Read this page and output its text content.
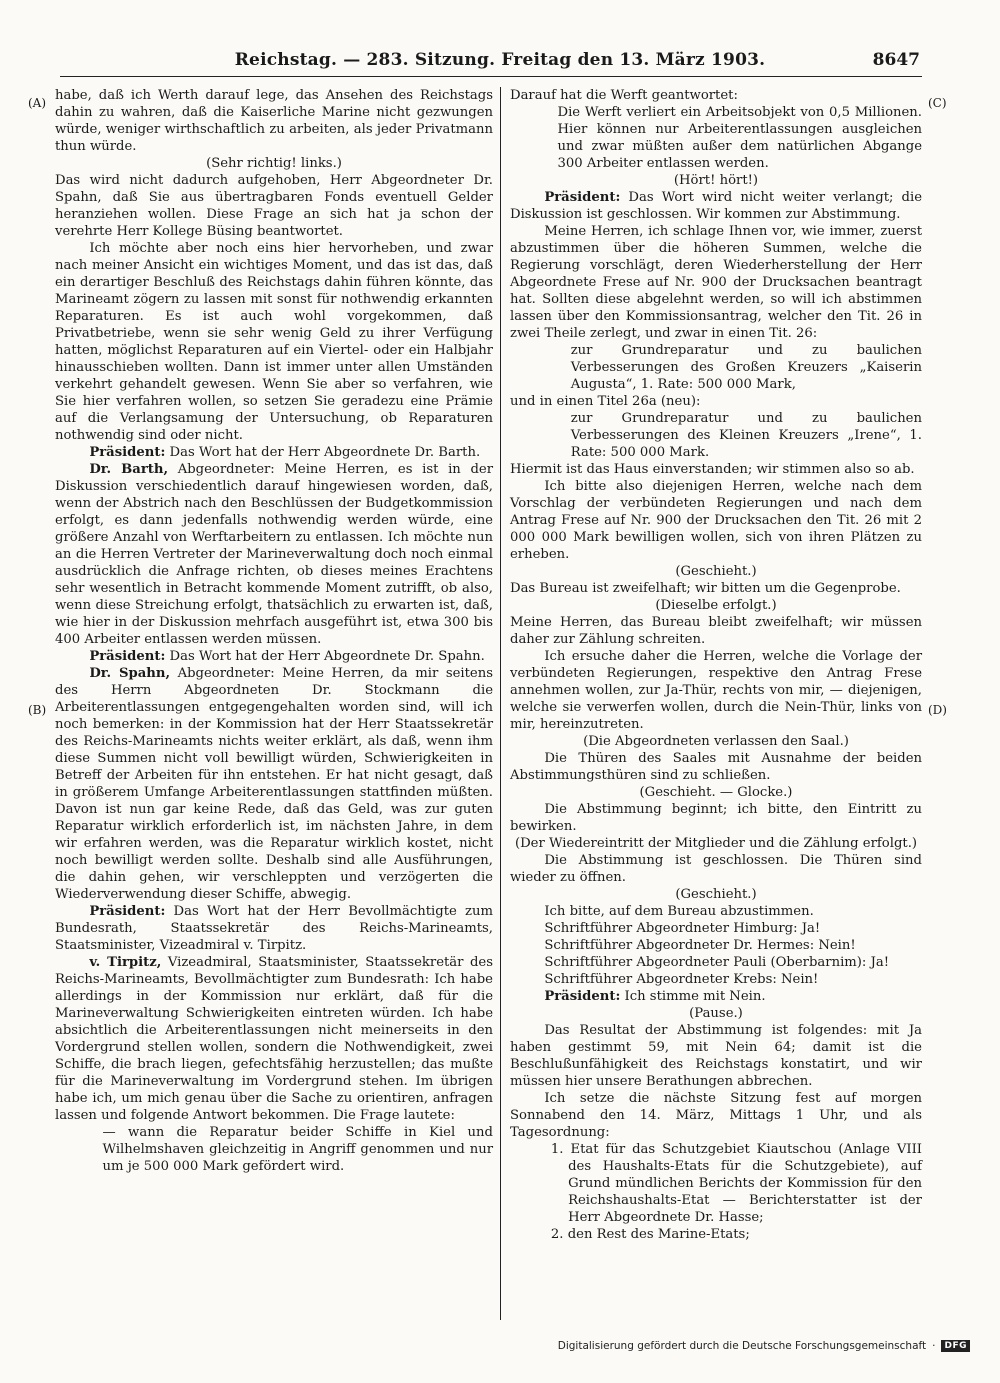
Reichstag. — 283. Sitzung. Freitag den 13. März 1903.	8647
(A)
(B)
(C)
(D)

habe, daß ich Werth darauf lege, das Ansehen des Reichstags dahin zu wahren, daß die Kaiserliche Marine nicht gezwungen würde, weniger wirthschaftlich zu arbeiten, als jeder Privatmann thun würde.

(Sehr richtig! links.)

Das wird nicht dadurch aufgehoben, Herr Abgeordneter Dr. Spahn, daß Sie aus übertragbaren Fonds eventuell Gelder heranziehen wollen. Diese Frage an sich hat ja schon der verehrte Herr Kollege Büsing beantwortet.

Ich möchte aber noch eins hier hervorheben, und zwar nach meiner Ansicht ein wichtiges Moment, und das ist das, daß ein derartiger Beschluß des Reichstags dahin führen könnte, das Marineamt zögern zu lassen mit sonst für nothwendig erkannten Reparaturen. Es ist auch wohl vorgekommen, daß Privatbetriebe, wenn sie sehr wenig Geld zu ihrer Verfügung hatten, möglichst Reparaturen auf ein Viertel- oder ein Halbjahr hinausschieben wollten. Dann ist immer unter allen Umständen verkehrt gehandelt gewesen. Wenn Sie aber so verfahren, wie Sie hier verfahren wollen, so setzen Sie geradezu eine Prämie auf die Verlangsamung der Untersuchung, ob Reparaturen nothwendig sind oder nicht.

Präsident: Das Wort hat der Herr Abgeordnete Dr. Barth.

Dr. Barth, Abgeordneter: Meine Herren, es ist in der Diskussion verschiedentlich darauf hingewiesen worden, daß, wenn der Abstrich nach den Beschlüssen der Budgetkommission erfolgt, es dann jedenfalls nothwendig werden würde, eine größere Anzahl von Werftarbeitern zu entlassen. Ich möchte nun an die Herren Vertreter der Marineverwaltung doch noch einmal ausdrücklich die Anfrage richten, ob dieses meines Erachtens sehr wesentlich in Betracht kommende Moment zutrifft, ob also, wenn diese Streichung erfolgt, thatsächlich zu erwarten ist, daß, wie hier in der Diskussion mehrfach ausgeführt ist, etwa 300 bis 400 Arbeiter entlassen werden müssen.

Präsident: Das Wort hat der Herr Abgeordnete Dr. Spahn.

Dr. Spahn, Abgeordneter: Meine Herren, da mir seitens des Herrn Abgeordneten Dr. Stockmann die Arbeiterentlassungen entgegengehalten worden sind, will ich noch bemerken: in der Kommission hat der Herr Staatssekretär des Reichs-Marineamts nichts weiter erklärt, als daß, wenn ihm diese Summen nicht voll bewilligt würden, Schwierigkeiten in Betreff der Arbeiten für ihn entstehen. Er hat nicht gesagt, daß in größerem Umfange Arbeiterentlassungen stattfinden müßten. Davon ist nun gar keine Rede, daß das Geld, was zur guten Reparatur wirklich erforderlich ist, im nächsten Jahre, in dem wir erfahren werden, was die Reparatur wirklich kostet, nicht noch bewilligt werden sollte. Deshalb sind alle Ausführungen, die dahin gehen, wir verschleppten und verzögerten die Wiederverwendung dieser Schiffe, abwegig.

Präsident: Das Wort hat der Herr Bevollmächtigte zum Bundesrath, Staatssekretär des Reichs-Marineamts, Staatsminister, Vizeadmiral v. Tirpitz.

v. Tirpitz, Vizeadmiral, Staatsminister, Staatssekretär des Reichs-Marineamts, Bevollmächtigter zum Bundesrath: Ich habe allerdings in der Kommission nur erklärt, daß für die Marineverwaltung Schwierigkeiten eintreten würden. Ich habe absichtlich die Arbeiterentlassungen nicht meinerseits in den Vordergrund stellen wollen, sondern die Nothwendigkeit, zwei Schiffe, die brach liegen, gefechtsfähig herzustellen; das mußte für die Marineverwaltung im Vordergrund stehen. Im übrigen habe ich, um mich genau über die Sache zu orientiren, anfragen lassen und folgende Antwort bekommen. Die Frage lautete:

— wann die Reparatur beider Schiffe in Kiel und Wilhelmshaven gleichzeitig in Angriff genommen und nur um je 500 000 Mark gefördert wird.

Darauf hat die Werft geantwortet:

Die Werft verliert ein Arbeitsobjekt von 0,5 Millionen. Hier können nur Arbeiterentlassungen ausgleichen und zwar müßten außer dem natürlichen Abgange 300 Arbeiter entlassen werden.

(Hört! hört!)

Präsident: Das Wort wird nicht weiter verlangt; die Diskussion ist geschlossen. Wir kommen zur Abstimmung.

Meine Herren, ich schlage Ihnen vor, wie immer, zuerst abzustimmen über die höheren Summen, welche die Regierung vorschlägt, deren Wiederherstellung der Herr Abgeordnete Frese auf Nr. 900 der Drucksachen beantragt hat. Sollten diese abgelehnt werden, so will ich abstimmen lassen über den Kommissionsantrag, welcher den Tit. 26 in zwei Theile zerlegt, und zwar in einen Tit. 26:

zur Grundreparatur und zu baulichen Verbesserungen des Großen Kreuzers „Kaiserin Augusta“, 1. Rate: 500 000 Mark,

und in einen Titel 26a (neu):

zur Grundreparatur und zu baulichen Verbesserungen des Kleinen Kreuzers „Irene“, 1. Rate: 500 000 Mark.

Hiermit ist das Haus einverstanden; wir stimmen also so ab.

Ich bitte also diejenigen Herren, welche nach dem Vorschlag der verbündeten Regierungen und nach dem Antrag Frese auf Nr. 900 der Drucksachen den Tit. 26 mit 2 000 000 Mark bewilligen wollen, sich von ihren Plätzen zu erheben.

(Geschieht.)

Das Bureau ist zweifelhaft; wir bitten um die Gegenprobe.

(Dieselbe erfolgt.)

Meine Herren, das Bureau bleibt zweifelhaft; wir müssen daher zur Zählung schreiten.

Ich ersuche daher die Herren, welche die Vorlage der verbündeten Regierungen, respektive den Antrag Frese annehmen wollen, zur Ja-Thür, rechts von mir, — diejenigen, welche sie verwerfen wollen, durch die Nein-Thür, links von mir, hereinzutreten.

(Die Abgeordneten verlassen den Saal.)

Die Thüren des Saales mit Ausnahme der beiden Abstimmungsthüren sind zu schließen.

(Geschieht. — Glocke.)

Die Abstimmung beginnt; ich bitte, den Eintritt zu bewirken.

(Der Wiedereintritt der Mitglieder und die Zählung erfolgt.)

Die Abstimmung ist geschlossen. Die Thüren sind wieder zu öffnen.

(Geschieht.)

Ich bitte, auf dem Bureau abzustimmen.

Schriftführer Abgeordneter Himburg: Ja!

Schriftführer Abgeordneter Dr. Hermes: Nein!

Schriftführer Abgeordneter Pauli (Oberbarnim): Ja!

Schriftführer Abgeordneter Krebs: Nein!

Präsident: Ich stimme mit Nein.

(Pause.)

Das Resultat der Abstimmung ist folgendes: mit Ja haben gestimmt 59, mit Nein 64; damit ist die Beschlußunfähigkeit des Reichstags konstatirt, und wir müssen hier unsere Berathungen abbrechen.

Ich setze die nächste Sitzung fest auf morgen Sonnabend den 14. März, Mittags 1 Uhr, und als Tagesordnung:

1. Etat für das Schutzgebiet Kiautschou (Anlage VIII des Haushalts-Etats für die Schutzgebiete), auf Grund mündlichen Berichts der Kommission für den Reichshaushalts-Etat — Berichterstatter ist der Herr Abgeordnete Dr. Hasse;

2. den Rest des Marine-Etats;

Digitalisierung gefördert durch die Deutsche Forschungsgemeinschaft ·	DFG
